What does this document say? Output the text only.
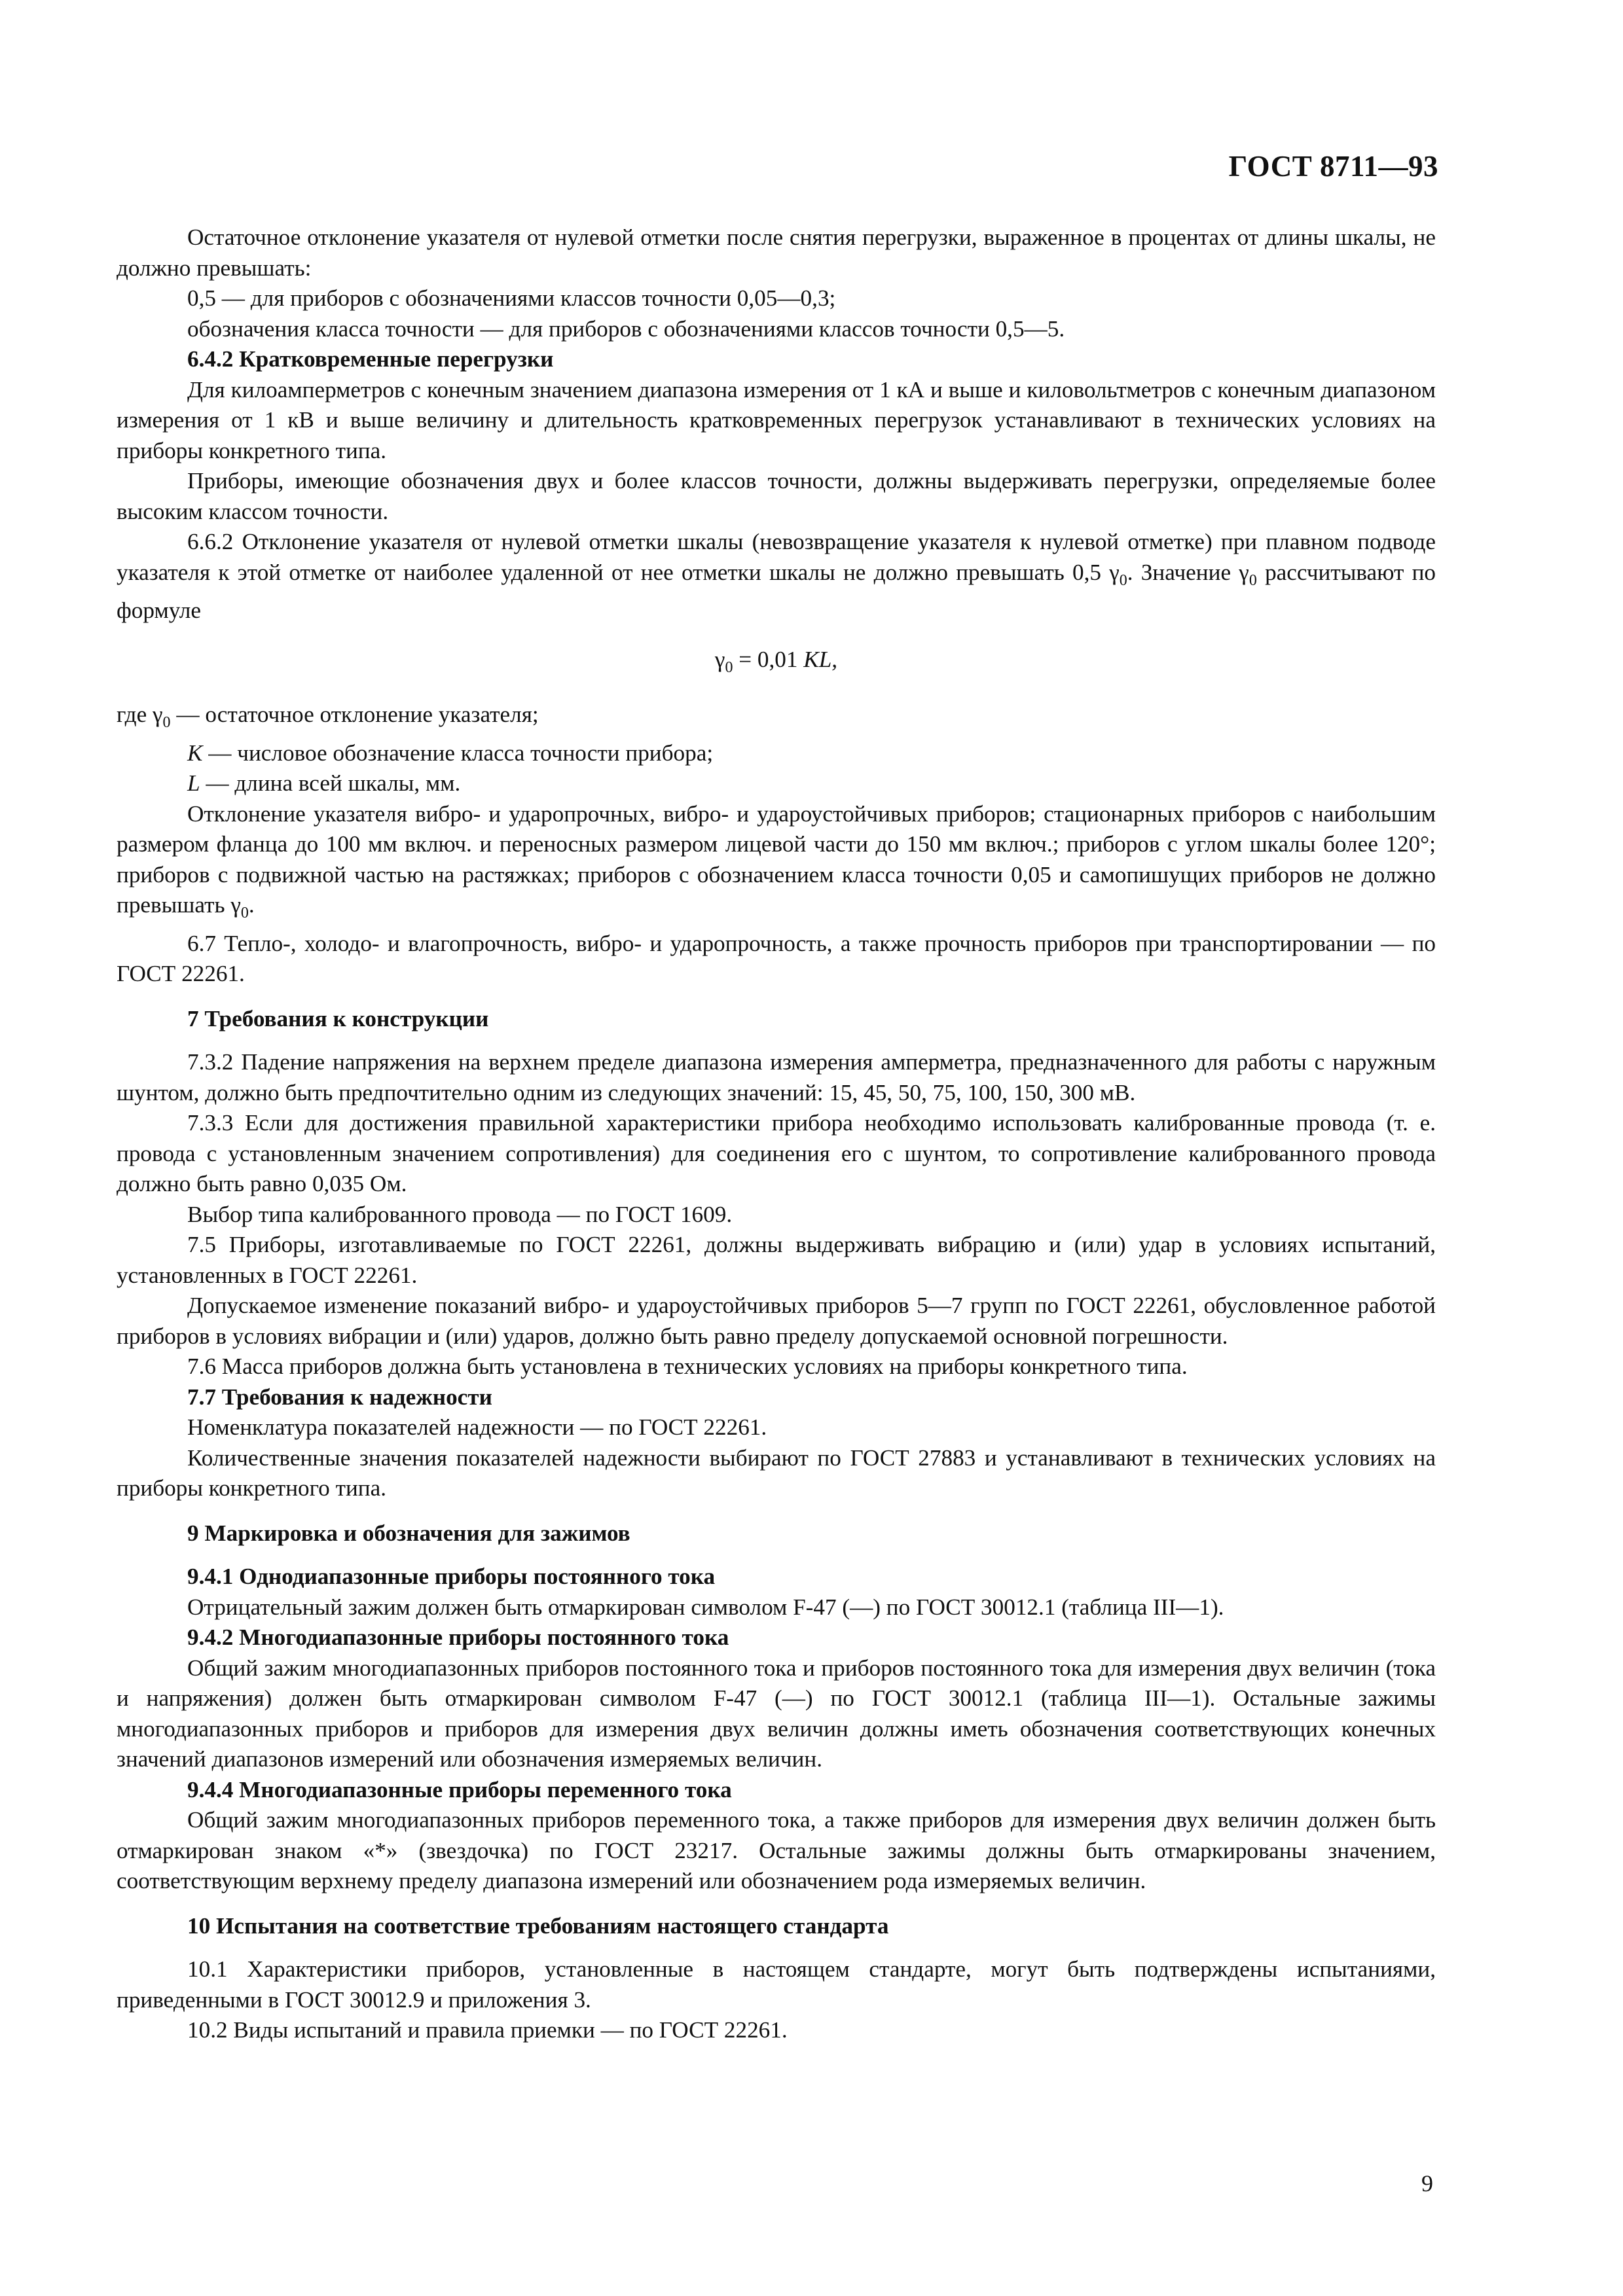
ГОСТ 8711—93

Остаточное отклонение указателя от нулевой отметки после снятия перегрузки, выраженное в процентах от длины шкалы, не должно превышать:

0,5 — для приборов с обозначениями классов точности 0,05—0,3;

обозначения класса точности — для приборов с обозначениями классов точности 0,5—5.

6.4.2 Кратковременные перегрузки

Для килоамперметров с конечным значением диапазона измерения от 1 кА и выше и киловольтметров с конечным диапазоном измерения от 1 кВ и выше величину и длительность кратковременных перегрузок устанавливают в технических условиях на приборы конкретного типа.

Приборы, имеющие обозначения двух и более классов точности, должны выдерживать перегрузки, определяемые более высоким классом точности.

6.6.2 Отклонение указателя от нулевой отметки шкалы (невозвращение указателя к нулевой отметке) при плавном подводе указателя к этой отметке от наиболее удаленной от нее отметки шкалы не должно превышать 0,5 $\gamma_0$. Значение $\gamma_0$ рассчитывают по формуле

$\gamma_0 = 0,01$ KL,

где $\gamma_0$ — остаточное отклонение указателя;

K — числовое обозначение класса точности прибора;

L — длина всей шкалы, мм.

Отклонение указателя вибро- и ударопрочных, вибро- и удароустойчивых приборов; стационарных приборов с наибольшим размером фланца до 100 мм включ. и переносных размером лицевой части до 150 мм включ.; приборов с углом шкалы более 120°; приборов с подвижной частью на растяжках; приборов с обозначением класса точности 0,05 и самопишущих приборов не должно превышать $\gamma_0$.

6.7 Тепло-, холодо- и влагопрочность, вибро- и ударопрочность, а также прочность приборов при транспортировании — по ГОСТ 22261.

7 Требования к конструкции

7.3.2 Падение напряжения на верхнем пределе диапазона измерения амперметра, предназначенного для работы с наружным шунтом, должно быть предпочтительно одним из следующих значений: 15, 45, 50, 75, 100, 150, 300 мВ.

7.3.3 Если для достижения правильной характеристики прибора необходимо использовать калиброванные провода (т. е. провода с установленным значением сопротивления) для соединения его с шунтом, то сопротивление калиброванного провода должно быть равно 0,035 Ом.

Выбор типа калиброванного провода — по ГОСТ 1609.

7.5 Приборы, изготавливаемые по ГОСТ 22261, должны выдерживать вибрацию и (или) удар в условиях испытаний, установленных в ГОСТ 22261.

Допускаемое изменение показаний вибро- и удароустойчивых приборов 5—7 групп по ГОСТ 22261, обусловленное работой приборов в условиях вибрации и (или) ударов, должно быть равно пределу допускаемой основной погрешности.

7.6 Масса приборов должна быть установлена в технических условиях на приборы конкретного типа.

7.7 Требования к надежности

Номенклатура показателей надежности — по ГОСТ 22261.

Количественные значения показателей надежности выбирают по ГОСТ 27883 и устанавливают в технических условиях на приборы конкретного типа.

9 Маркировка и обозначения для зажимов

9.4.1 Однодиапазонные приборы постоянного тока

Отрицательный зажим должен быть отмаркирован символом F-47 (—) по ГОСТ 30012.1 (таблица III—1).

9.4.2 Многодиапазонные приборы постоянного тока

Общий зажим многодиапазонных приборов постоянного тока и приборов постоянного тока для измерения двух величин (тока и напряжения) должен быть отмаркирован символом F-47 (—) по ГОСТ 30012.1 (таблица III—1). Остальные зажимы многодиапазонных приборов и приборов для измерения двух величин должны иметь обозначения соответствующих конечных значений диапазонов измерений или обозначения измеряемых величин.

9.4.4 Многодиапазонные приборы переменного тока

Общий зажим многодиапазонных приборов переменного тока, а также приборов для измерения двух величин должен быть отмаркирован знаком «*» (звездочка) по ГОСТ 23217. Остальные зажимы должны быть отмаркированы значением, соответствующим верхнему пределу диапазона измерений или обозначением рода измеряемых величин.

10 Испытания на соответствие требованиям настоящего стандарта

10.1 Характеристики приборов, установленные в настоящем стандарте, могут быть подтверждены испытаниями, приведенными в ГОСТ 30012.9 и приложения 3.

10.2 Виды испытаний и правила приемки — по ГОСТ 22261.

9
